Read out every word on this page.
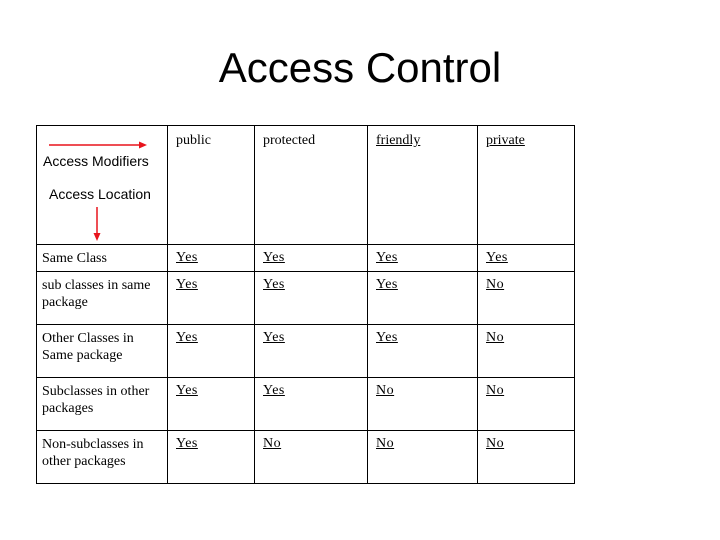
Access Control
Access Modifiers
Access Location	public	protected	friendly	private
Same Class	Yes	Yes	Yes	Yes
sub classes in same package	Yes	Yes	Yes	No
Other Classes in Same package	Yes	Yes	Yes	No
Subclasses in other packages	Yes	Yes	No	No
Non-subclasses in other packages	Yes	No	No	No
